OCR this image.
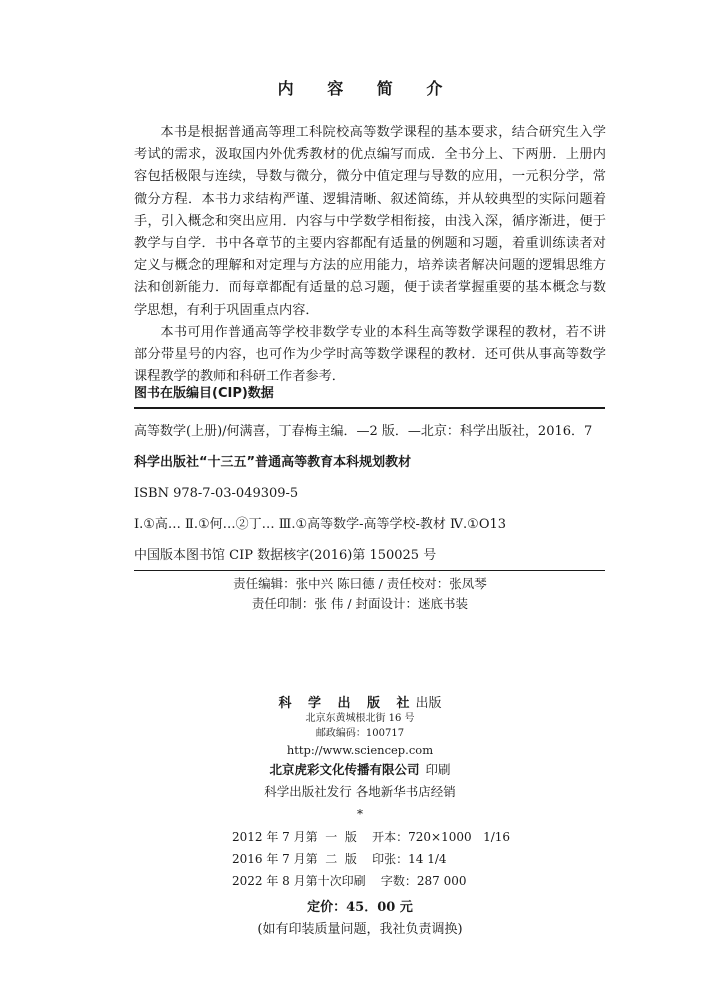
内 容 简 介

本书是根据普通高等理工科院校高等数学课程的基本要求，结合研究生入学考试的需求，汲取国内外优秀教材的优点编写而成．全书分上、下两册．上册内容包括极限与连续，导数与微分，微分中值定理与导数的应用，一元积分学，常微分方程．本书力求结构严谨、逻辑清晰、叙述简练，并从较典型的实际问题着手，引入概念和突出应用．内容与中学数学相衔接，由浅入深，循序渐进，便于教学与自学．书中各章节的主要内容都配有适量的例题和习题，着重训练读者对定义与概念的理解和对定理与方法的应用能力，培养读者解决问题的逻辑思维方法和创新能力．而每章都配有适量的总习题，便于读者掌握重要的基本概念与数学思想，有利于巩固重点内容．

本书可用作普通高等学校非数学专业的本科生高等数学课程的教材，若不讲部分带星号的内容，也可作为少学时高等数学课程的教材．还可供从事高等数学课程教学的教师和科研工作者参考．

图书在版编目(CIP)数据
高等数学(上册)/何满喜，丁春梅主编．—2 版．—北京：科学出版社，2016．7
科学出版社“十三五”普通高等教育本科规划教材
ISBN 978-7-03-049309-5
Ⅰ.①高… Ⅱ.①何…②丁… Ⅲ.①高等数学-高等学校-教材 Ⅳ.①O13
中国版本图书馆 CIP 数据核字(2016)第 150025 号
责任编辑：张中兴 陈曰德 / 责任校对：张凤琴
责任印制：张 伟 / 封面设计：迷底书装
科 学 出 版 社出版
北京东黄城根北街 16 号
邮政编码：100717
http://www.sciencep.com
北京虎彩文化传播有限公司 印刷
科学出版社发行 各地新华书店经销
*
2012 年 7 月第  一  版    开本：720×1000   1/16
2016 年 7 月第  二  版    印张：14 1/4
2022 年 8 月第十次印刷    字数：287 000
定价：45．00 元
(如有印装质量问题，我社负责调换)
